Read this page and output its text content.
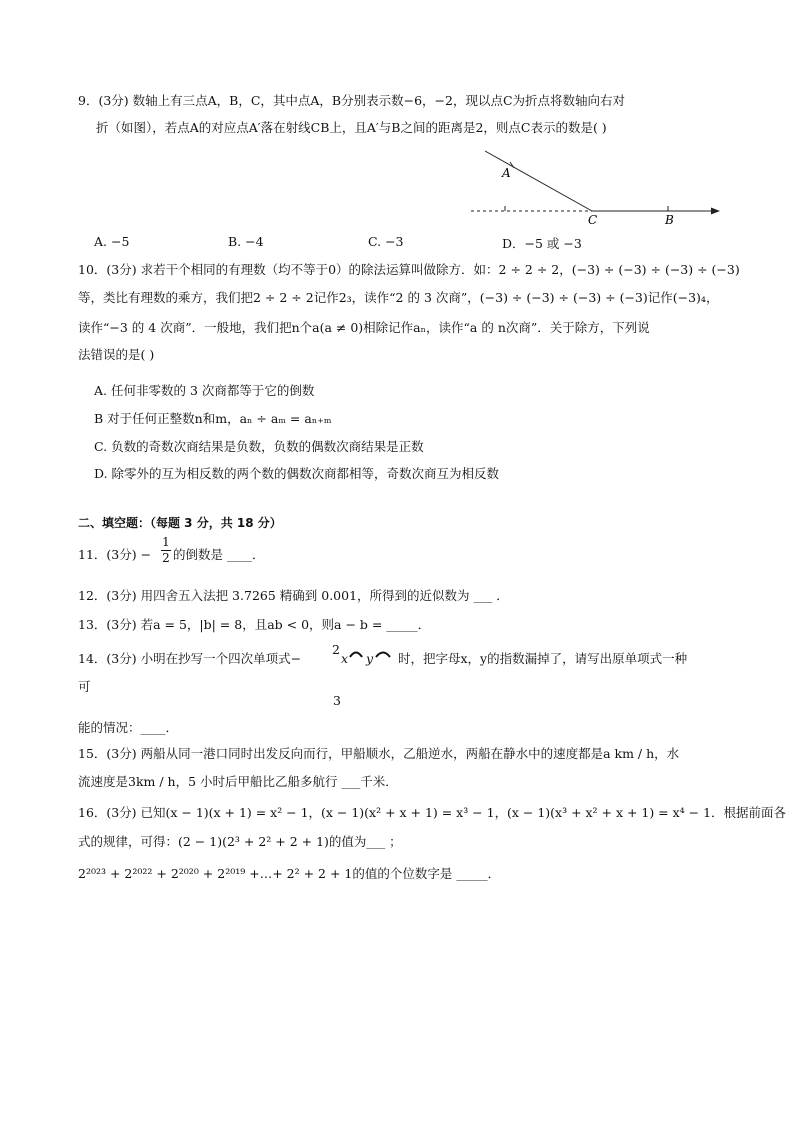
9．(3分) 数轴上有三点A，B，C，其中点A，B分别表示数−6，−2，现以点C为折点将数轴向右对
折（如图），若点A的对应点A′落在射线CB上，且A′与B之间的距离是2，则点C表示的数是( )
A
C	B
A. −5	B. −4	C. −3	D．−5 或 −3
10．(3分) 求若干个相同的有理数（均不等于0）的除法运算叫做除方．如：2 ÷ 2 ÷ 2，(−3) ÷ (−3) ÷ (−3) ÷ (−3)
等，类比有理数的乘方，我们把2 ÷ 2 ÷ 2记作2₃，读作“2 的 3 次商”，(−3) ÷ (−3) ÷ (−3) ÷ (−3)记作(−3)₄，
读作“−3 的 4 次商”．一般地，我们把n个a(a ≠ 0)相除记作aₙ，读作“a 的 n次商”．关于除方，下列说
法错误的是( )
A. 任何非零数的 3 次商都等于它的倒数
B 对于任何正整数n和m，aₙ ÷ aₘ = aₙ₊ₘ
C. 负数的奇数次商结果是负数，负数的偶数次商结果是正数
D. 除零外的互为相反数的两个数的偶数次商都相等，奇数次商互为相反数
二、填空题：（每题 3 分，共 18 分）
11．(3分) −
1
2 的倒数是 ____．
12．(3分) 用四舍五入法把 3.7265 精确到 0.001，所得到的近似数为 ___ ．
13．(3分) 若a = 5，|b| = 8，且ab < 0，则a − b = _____．
14．(3分) 小明在抄写一个四次单项式−
2
x y 时，把字母x，y的指数漏掉了，请写出原单项式一种
可
3
能的情况：____．
15．(3分) 两船从同一港口同时出发反向而行，甲船顺水，乙船逆水，两船在静水中的速度都是a km / h，水
流速度是3km / h，5 小时后甲船比乙船多航行 ___千米．
16．(3分) 已知(x − 1)(x + 1) = x² − 1，(x − 1)(x² + x + 1) = x³ − 1，(x − 1)(x³ + x² + x + 1) = x⁴ − 1．根据前面各
式的规律，可得：(2 − 1)(2³ + 2² + 2 + 1)的值为___ ；
2²⁰²³ + 2²⁰²² + 2²⁰²⁰ + 2²⁰¹⁹ +…+ 2² + 2 + 1的值的个位数字是 _____．
